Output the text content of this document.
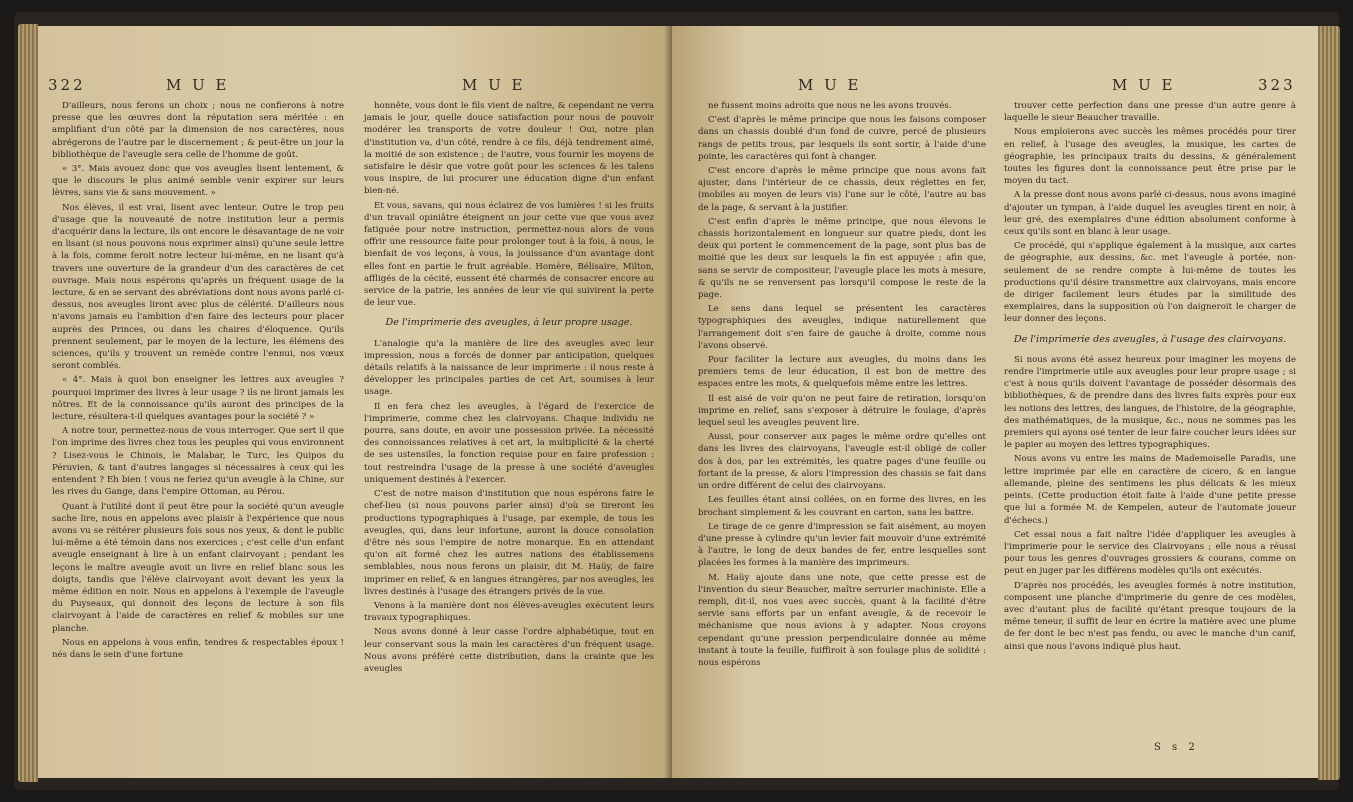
322	M U E	M U E

D'ailleurs, nous ferons un choix ; nous ne confierons à notre presse que les œuvres dont la réputation sera méritée : en amplifiant d'un côté par la dimension de nos caractères, nous abrégerons de l'autre par le discernement ; & peut-être un jour la bibliothèque de l'aveugle sera celle de l'homme de goût.

« 3°. Mais avouez donc que vos aveugles lisent lentement, & que le discours le plus animé semble venir expirer sur leurs lèvres, sans vie & sans mouvement. »

Nos élèves, il est vrai, lisent avec lenteur. Outre le trop peu d'usage que la nouveauté de notre institution leur a permis d'acquérir dans la lecture, ils ont encore le désavantage de ne voir en lisant (si nous pouvons nous exprimer ainsi) qu'une seule lettre à la fois, comme feroit notre lecteur lui-même, en ne lisant qu'à travers une ouverture de la grandeur d'un des caractères de cet ouvrage. Mais nous espérons qu'après un fréquent usage de la lecture, & en se servant des abréviations dont nous avons parlé ci-dessus, nos aveugles liront avec plus de célérité. D'ailleurs nous n'avons jamais eu l'ambition d'en faire des lecteurs pour placer auprès des Princes, ou dans les chaires d'éloquence. Qu'ils prennent seulement, par le moyen de la lecture, les élémens des sciences, qu'ils y trouvent un remède contre l'ennui, nos vœux seront comblés.

« 4°. Mais à quoi bon enseigner les lettres aux aveugles ? pourquoi imprimer des livres à leur usage ? ils ne liront jamais les nôtres. Et de la connoissance qu'ils auront des principes de la lecture, résultera-t-il quelques avantages pour la société ? »

A notre tour, permettez-nous de vous interroger. Que sert il que l'on imprime des livres chez tous les peuples qui vous environnent ? Lisez-vous le Chinois, le Malabar, le Turc, les Quipos du Péruvien, & tant d'autres langages si nécessaires à ceux qui les entendent ? Eh bien ! vous ne feriez qu'un aveugle à la Chine, sur les rives du Gange, dans l'empire Ottoman, au Pérou.

Quant à l'utilité dont il peut être pour la société qu'un aveugle sache lire, nous en appelons avec plaisir à l'expérience que nous avons vu se réitérer plusieurs fois sous nos yeux, & dont le public lui-même a été témoin dans nos exercices ; c'est celle d'un enfant aveugle enseignant à lire à un enfant clairvoyant ; pendant les leçons le maître aveugle avoit un livre en relief blanc sous les doigts, tandis que l'élève clairvoyant avoit devant les yeux la même édition en noir. Nous en appelons à l'exemple de l'aveugle du Puyseaux, qui donnoit des leçons de lecture à son fils clairvoyant à l'aide de caractères en relief & mobiles sur une planche.

Nous en appelons à vous enfin, tendres & respectables époux ! nés dans le sein d'une fortune

honnête, vous dont le fils vient de naître, & cependant ne verra jamais le jour, quelle douce satisfaction pour nous de pouvoir modérer les transports de votre douleur ! Oui, notre plan d'institution va, d'un côté, rendre à ce fils, déjà tendrement aimé, la moitié de son existence ; de l'autre, vous fournir les moyens de satisfaire le désir que votre goût pour les sciences & les talens vous inspire, de lui procurer une éducation digne d'un enfant bien-né.

Et vous, savans, qui nous éclairez de vos lumières ! si les fruits d'un travail opiniâtre éteignent un jour cette vue que vous avez fatiguée pour notre instruction, permettez-nous alors de vous offrir une ressource faite pour prolonger tout à la fois, à nous, le bienfait de vos leçons, à vous, la jouissance d'un avantage dont elles font en partie le fruit agréable. Homère, Bélisaire, Milton, affligés de la cécité, eussent été charmés de consacrer encore au service de la patrie, les années de leur vie qui suivirent la perte de leur vue.

De l'imprimerie des aveugles, à leur propre usage.

L'analogie qu'a la manière de lire des aveugles avec leur impression, nous a forcés de donner par anticipation, quelques détails relatifs à la naissance de leur imprimerie : il nous reste à développer les principales parties de cet Art, soumises à leur usage.

Il en fera chez les aveugles, à l'égard de l'exercice de l'imprimerie, comme chez les clairvoyans. Chaque individu ne pourra, sans doute, en avoir une possession privée. La nécessité des connoissances relatives à cet art, la multiplicité & la cherté de ses ustensiles, la fonction requise pour en faire profession : tout restreindra l'usage de la presse à une société d'aveugles uniquement destinés à l'exercer.

C'est de notre maison d'institution que nous espérons faire le chef-lieu (si nous pouvons parler ainsi) d'où se tireront les productions typographiques à l'usage, par exemple, de tous les aveugles, qui, dans leur infortune, auront la douce consolation d'être nés sous l'empire de notre monarque. En en attendant qu'on ait formé chez les autres nations des établissemens semblables, nous nous ferons un plaisir, dit M. Haüy, de faire imprimer en relief, & en langues étrangères, par nos aveugles, les livres destinés à l'usage des étrangers privés de la vue.

Venons à la manière dont nos élèves-aveugles exécutent leurs travaux typographiques.

Nous avons donné à leur casse l'ordre alphabétique, tout en leur conservant sous la main les caractères d'un fréquent usage. Nous avons préféré cette distribution, dans la crainte que les aveugles

M U E	M U E	323

ne fussent moins adroits que nous ne les avons trouvés.

C'est d'après le même principe que nous les faisons composer dans un chassis doublé d'un fond de cuivre, percé de plusieurs rangs de petits trous, par lesquels ils sont sortir, à l'aide d'une pointe, les caractères qui font à changer.

C'est encore d'après le même principe que nous avons fait ajuster, dans l'intérieur de ce chassis, deux réglettes en fer, (mobiles au moyen de leurs vis) l'une sur le côté, l'autre au bas de la page, & servant à la justifier.

C'est enfin d'après le même principe, que nous élevons le chassis horizontalement en longueur sur quatre pieds, dont les deux qui portent le commencement de la page, sont plus bas de moitié que les deux sur lesquels la fin est appuyée ; afin que, sans se servir de compositeur, l'aveugle place les mots à mesure, & qu'ils ne se renversent pas lorsqu'il compose le reste de la page.

Le sens dans lequel se présentent les caractères typographiques des aveugles, indique naturellement que l'arrangement doit s'en faire de gauche à droite, comme nous l'avons observé.

Pour faciliter la lecture aux aveugles, du moins dans les premiers tems de leur éducation, il est bon de mettre des espaces entre les mots, & quelquefois même entre les lettres.

Il est aisé de voir qu'on ne peut faire de retiration, lorsqu'on imprime en relief, sans s'exposer à détruire le foulage, d'après lequel seul les aveugles peuvent lire.

Aussi, pour conserver aux pages le même ordre qu'elles ont dans les livres des clairvoyans, l'aveugle est-il obligé de coller dos à dos, par les extrémités, les quatre pages d'une feuille ou fortant de la presse, & alors l'impression des chassis se fait dans un ordre différent de celui des clairvoyans.

Les feuilles étant ainsi collées, on en forme des livres, en les brochant simplement & les couvrant en carton, sans les battre.

Le tirage de ce genre d'impression se fait aisément, au moyen d'une presse à cylindre qu'un levier fait mouvoir d'une extrémité à l'autre, le long de deux bandes de fer, entre lesquelles sont placées les formes à la manière des imprimeurs.

M. Haüy ajoute dans une note, que cette presse est de l'invention du sieur Beaucher, maître serrurier machiniste. Elle a rempli, dit-il, nos vues avec succès, quant à la facilité d'être servie sans efforts par un enfant aveugle, & de recevoir le méchanisme que nous avions à y adapter. Nous croyons cependant qu'une pression perpendiculaire donnée au même instant à toute la feuille, fuiffiroit à son foulage plus de solidité : nous espérons

trouver cette perfection dans une presse d'un autre genre à laquelle le sieur Beaucher travaille.

Nous emploierons avec succès les mêmes procédés pour tirer en relief, à l'usage des aveugles, la musique, les cartes de géographie, les principaux traits du dessins, & généralement toutes les figures dont la connoissance peut être prise par le moyen du tact.

A la presse dont nous avons parlé ci-dessus, nous avons imaginé d'ajouter un tympan, à l'aide duquel les aveugles tirent en noir, à leur gré, des exemplaires d'une édition absolument conforme à ceux qu'ils sont en blanc à leur usage.

Ce procédé, qui s'applique également à la musique, aux cartes de géographie, aux dessins, &c. met l'aveugle à portée, non-seulement de se rendre compte à lui-même de toutes les productions qu'il désire transmettre aux clairvoyans, mais encore de diriger facilement leurs études par la similitude des exemplaires, dans la supposition où l'on daigneroit le charger de leur donner des leçons.

De l'imprimerie des aveugles, à l'usage des clairvoyans.

Si nous avons été assez heureux pour imaginer les moyens de rendre l'imprimerie utile aux aveugles pour leur propre usage ; si c'est à nous qu'ils doivent l'avantage de posséder désormais des bibliothèques, & de prendre dans des livres faits exprès pour eux les notions des lettres, des langues, de l'histoire, de la géographie, des mathématiques, de la musique, &c., nous ne sommes pas les premiers qui ayons osé tenter de leur faire coucher leurs idées sur le papier au moyen des lettres typographiques.

Nous avons vu entre les mains de Mademoiselle Paradis, une lettre imprimée par elle en caractère de cicero, & en langue allemande, pleine des sentimens les plus délicats & les mieux peints. (Cette production étoit faite à l'aide d'une petite presse que lui a formée M. de Kempelen, auteur de l'automate joueur d'échecs.)

Cet essai nous a fait naître l'idée d'appliquer les aveugles à l'imprimerie pour le service des Clairvoyans ; elle nous a réussi pour tous les genres d'ouvrages grossiers & courans, comme on peut en juger par les différens modèles qu'ils ont exécutés.

D'après nos procédés, les aveugles formés à notre institution, composent une planche d'imprimerie du genre de ces modèles, avec d'autant plus de facilité qu'étant presque toujours de la même teneur, il suffit de leur en écrire la matière avec une plume de fer dont le bec n'est pas fendu, ou avec le manche d'un canif, ainsi que nous l'avons indiqué plus haut.

S s 2
